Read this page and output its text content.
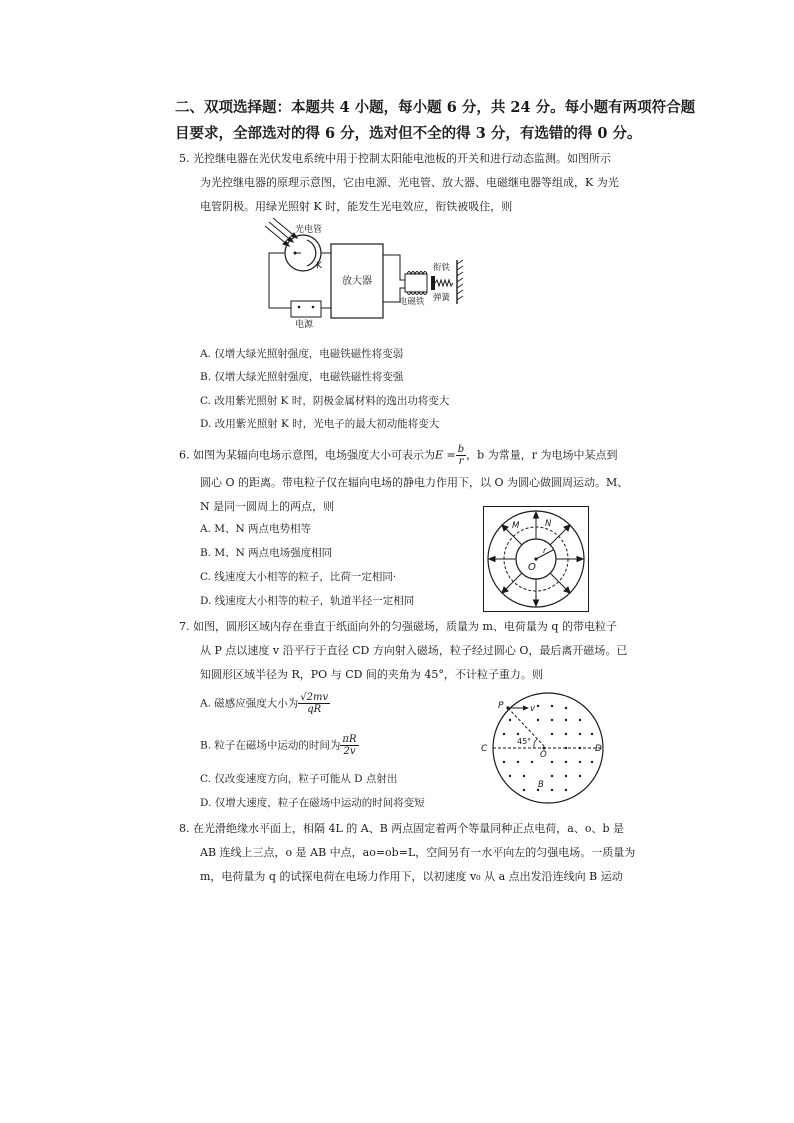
二、双项选择题：本题共 4 小题，每小题 6 分，共 24 分。每小题有两项符合题
目要求，全部选对的得 6 分，选对但不全的得 3 分，有选错的得 0 分。
5. 光控继电器在光伏发电系统中用于控制太阳能电池板的开关和进行动态监测。如图所示
为光控继电器的原理示意图，它由电源、光电管、放大器、电磁继电器等组成，K 为光
电管阴极。用绿光照射 K 时，能发生光电效应，衔铁被吸住，则
光电管
K
电源
放大器
电磁铁
衔铁
弹簧
A. 仅增大绿光照射强度，电磁铁磁性将变弱
B. 仅增大绿光照射强度，电磁铁磁性将变强
C. 改用紫光照射 K 时，阴极金属材料的逸出功将变大
D. 改用紫光照射 K 时，光电子的最大初动能将变大
6. 如图为某辐向电场示意图，电场强度大小可表示为$E = \frac{b}{r}$ ，b 为常量，r 为电场中某点到
圆心 O 的距离。带电粒子仅在辐向电场的静电力作用下，以 O 为圆心做圆周运动。M、
N 是同一圆周上的两点，则
A. M、N 两点电势相等
B. M、N 两点电场强度相同
C. 线速度大小相等的粒子，比荷一定相同·
D. 线速度大小相等的粒子，轨道半径一定相同
r
O
M	N
7. 如图，圆形区域内存在垂直于纸面向外的匀强磁场，质量为 m、电荷量为 q 的带电粒子
从 P 点以速度 v 沿平行于直径 CD 方向射入磁场，粒子经过圆心 O，最后离开磁场。已
知圆形区域半径为 R，PO 与 CD 间的夹角为 45°，不计粒子重力。则
A. 磁感应强度大小为 $\frac{√2mv}{qR}$
B. 粒子在磁场中运动的时间为 $\frac{\pi R}{2v}$
C. 仅改变速度方向，粒子可能从 D 点射出
D. 仅增大速度，粒子在磁场中运动的时间将变短
P	v
45°
O
C	D
B
8. 在光滑绝缘水平面上，相隔 4L 的 A、B 两点固定着两个等量同种正点电荷，a、o、b 是
AB 连线上三点，o 是 AB 中点，ao=ob=L，空间另有一水平向左的匀强电场。一质量为
m，电荷量为 q 的试探电荷在电场力作用下，以初速度 v₀ 从 a 点出发沿连线向 B 运动
